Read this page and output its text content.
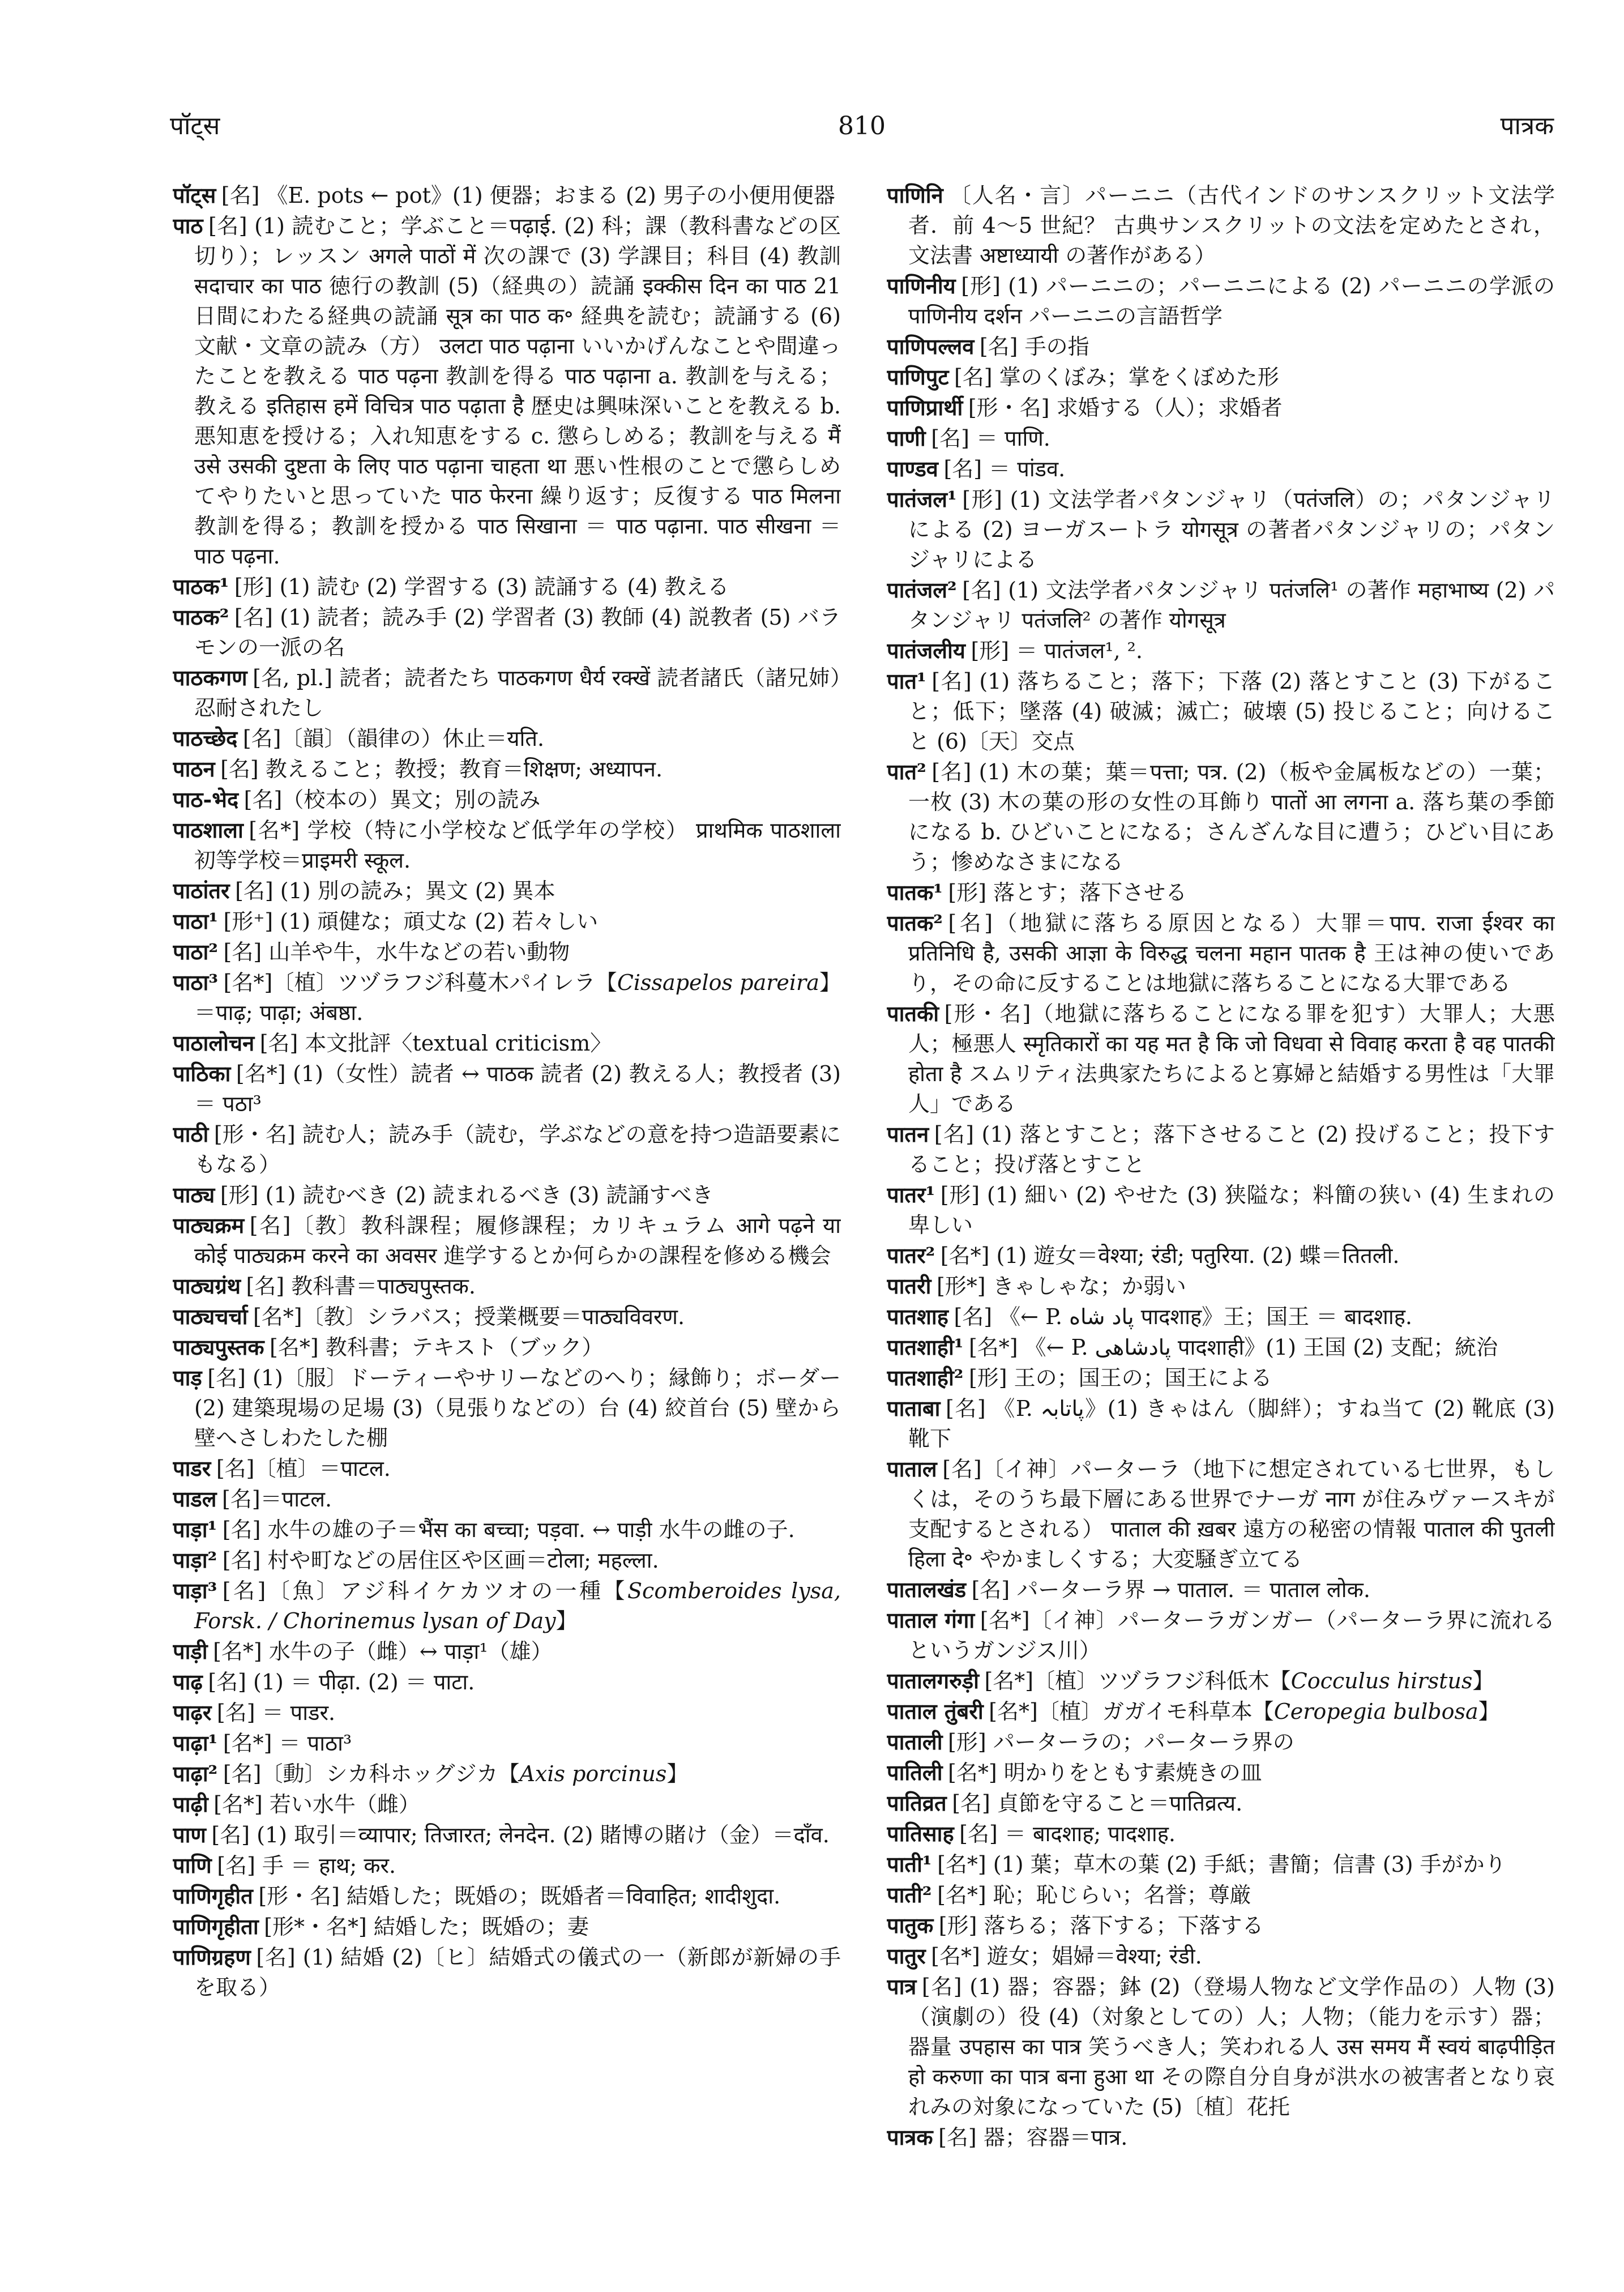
पॉट्स	810	पात्रक
पॉट्स [名] 《E. pots ← pot》(1) 便器；おまる (2) 男子の小便用便器
पाठ [名] (1) 読むこと；学ぶこと＝पढ़ाई. (2) 科；課（教科書などの区切り）；レッスン अगले पाठों में 次の課で (3) 学課目；科目 (4) 教訓 सदाचार का पाठ 徳行の教訓 (5)（経典の）読誦 इक्कीस दिन का पाठ 21 日間にわたる経典の読誦 सूत्र का पाठ क॰ 経典を読む；読誦する (6) 文献・文章の読み（方） उलटा पाठ पढ़ाना いいかげんなことや間違ったことを教える पाठ पढ़ना 教訓を得る पाठ पढ़ाना a. 教訓を与える；教える इतिहास हमें विचित्र पाठ पढ़ाता है 歴史は興味深いことを教える b. 悪知恵を授ける；入れ知恵をする c. 懲らしめる；教訓を与える मैं उसे उसकी दुष्टता के लिए पाठ पढ़ाना चाहता था 悪い性根のことで懲らしめてやりたいと思っていた पाठ फेरना 繰り返す；反復する पाठ मिलना 教訓を得る；教訓を授かる पाठ सिखाना ＝ पाठ पढ़ाना. पाठ सीखना ＝ पाठ पढ़ना.
पाठक¹ [形] (1) 読む (2) 学習する (3) 読誦する (4) 教える
पाठक² [名] (1) 読者；読み手 (2) 学習者 (3) 教師 (4) 説教者 (5) バラモンの一派の名
पाठकगण [名, pl.] 読者；読者たち पाठकगण धैर्य रक्खें 読者諸氏（諸兄姉）忍耐されたし
पाठच्छेद [名]〔韻〕（韻律の）休止＝यति.
पाठन [名] 教えること；教授；教育＝शिक्षण; अध्यापन.
पाठ-भेद [名]（校本の）異文；別の読み
पाठशाला [名*] 学校（特に小学校など低学年の学校） प्राथमिक पाठशाला 初等学校＝प्राइमरी स्कूल.
पाठांतर [名] (1) 別の読み；異文 (2) 異本
पाठा¹ [形⁺] (1) 頑健な；頑丈な (2) 若々しい
पाठा² [名] 山羊や牛，水牛などの若い動物
पाठा³ [名*]〔植〕ツヅラフジ科蔓木パイレラ【Cissapelos pareira】＝पाढ़; पाढ़ा; अंबष्ठा.
पाठालोचन [名] 本文批評〈textual criticism〉
पाठिका [名*] (1)（女性）読者 ↔ पाठक 読者 (2) 教える人；教授者 (3) ＝ पठा³
पाठी [形・名] 読む人；読み手（読む，学ぶなどの意を持つ造語要素にもなる）
पाठ्य [形] (1) 読むべき (2) 読まれるべき (3) 読誦すべき
पाठ्यक्रम [名]〔教〕教科課程；履修課程；カリキュラム आगे पढ़ने या कोई पाठ्यक्रम करने का अवसर 進学するとか何らかの課程を修める機会
पाठ्यग्रंथ [名] 教科書＝पाठ्यपुस्तक.
पाठ्यचर्चा [名*]〔教〕シラバス；授業概要＝पाठ्यविवरण.
पाठ्यपुस्तक [名*] 教科書；テキスト（ブック）
पाड़ [名] (1)〔服〕ドーティーやサリーなどのへり；縁飾り；ボーダー (2) 建築現場の足場 (3)（見張りなどの）台 (4) 絞首台 (5) 壁から壁へさしわたした棚
पाडर [名]〔植〕＝पाटल.
पाडल [名]＝पाटल.
पाड़ा¹ [名] 水牛の雄の子＝भैंस का बच्चा; पड़वा. ↔ पाड़ी 水牛の雌の子.
पाड़ा² [名] 村や町などの居住区や区画＝टोला; महल्ला.
पाड़ा³ [名]〔魚〕アジ科イケカツオの一種【Scomberoides lysa, Forsk. / Chorinemus lysan of Day】
पाड़ी [名*] 水牛の子（雌）↔ पाड़ा¹（雄）
पाढ़ [名] (1) ＝ पीढ़ा. (2) ＝ पाटा.
पाढ़र [名] ＝ पाडर.
पाढ़ा¹ [名*] ＝ पाठा³
पाढ़ा² [名]〔動〕シカ科ホッグジカ【Axis porcinus】
पाढ़ी [名*] 若い水牛（雌）
पाण [名] (1) 取引＝व्यापार; तिजारत; लेनदेन. (2) 賭博の賭け（金）＝दाँव.
पाणि [名] 手 ＝ हाथ; कर.
पाणिगृहीत [形・名] 結婚した；既婚の；既婚者＝विवाहित; शादीशुदा.
पाणिगृहीता [形*・名*] 結婚した；既婚の；妻
पाणिग्रहण [名] (1) 結婚 (2)〔ヒ〕結婚式の儀式の一（新郎が新婦の手を取る）
पाणिनि 〔人名・言〕パーニニ（古代インドのサンスクリット文法学者．前 4～5 世紀？ 古典サンスクリットの文法を定めたとされ，文法書 अष्टाध्यायी の著作がある）
पाणिनीय [形] (1) パーニニの；パーニニによる (2) パーニニの学派の पाणिनीय दर्शन パーニニの言語哲学
पाणिपल्लव [名] 手の指
पाणिपुट [名] 掌のくぼみ；掌をくぼめた形
पाणिप्रार्थी [形・名] 求婚する（人）；求婚者
पाणी [名] ＝ पाणि.
पाण्डव [名] ＝ पांडव.
पातंजल¹ [形] (1) 文法学者パタンジャリ（पतंजलि）の；パタンジャリによる (2) ヨーガスートラ योगसूत्र の著者パタンジャリの；パタンジャリによる
पातंजल² [名] (1) 文法学者パタンジャリ पतंजलि¹ の著作 महाभाष्य (2) パタンジャリ पतंजलि² の著作 योगसूत्र
पातंजलीय [形] ＝ पातंजल¹, ².
पात¹ [名] (1) 落ちること；落下；下落 (2) 落とすこと (3) 下がること；低下；墜落 (4) 破滅；滅亡；破壊 (5) 投じること；向けること (6)〔天〕交点
पात² [名] (1) 木の葉；葉＝पत्ता; पत्र. (2)（板や金属板などの）一葉；一枚 (3) 木の葉の形の女性の耳飾り पातों आ लगना a. 落ち葉の季節になる b. ひどいことになる；さんざんな目に遭う；ひどい目にあう；惨めなさまになる
पातक¹ [形] 落とす；落下させる
पातक² [名]（地獄に落ちる原因となる）大罪＝पाप. राजा ईश्वर का प्रतिनिधि है, उसकी आज्ञा के विरुद्ध चलना महान पातक है 王は神の使いであり，その命に反することは地獄に落ちることになる大罪である
पातकी [形・名]（地獄に落ちることになる罪を犯す）大罪人；大悪人；極悪人 स्मृतिकारों का यह मत है कि जो विधवा से विवाह करता है वह पातकी होता है スムリティ法典家たちによると寡婦と結婚する男性は「大罪人」である
पातन [名] (1) 落とすこと；落下させること (2) 投げること；投下すること；投げ落とすこと
पातर¹ [形] (1) 細い (2) やせた (3) 狭隘な；料簡の狭い (4) 生まれの卑しい
पातर² [名*] (1) 遊女＝वेश्या; रंडी; पतुरिया. (2) 蝶＝तितली.
पातरी [形*] きゃしゃな；か弱い
पातशाह [名] 《← P. پاد شاه पादशाह》王；国王 ＝ बादशाह.
पातशाही¹ [名*] 《← P. پادشاهی पादशाही》(1) 王国 (2) 支配；統治
पातशाही² [形] 王の；国王の；国王による
पाताबा [名] 《P. پاتابہ》(1) きゃはん（脚絆）；すね当て (2) 靴底 (3) 靴下
पाताल [名]〔イ神〕パーターラ（地下に想定されている七世界，もしくは，そのうち最下層にある世界でナーガ नाग が住みヴァースキが支配するとされる） पाताल की ख़बर 遠方の秘密の情報 पाताल की पुतली हिला दे॰ やかましくする；大変騒ぎ立てる
पातालखंड [名] パーターラ界 → पाताल. ＝ पाताल लोक.
पाताल गंगा [名*]〔イ神〕パーターラガンガー（パーターラ界に流れるというガンジス川）
पातालगरुड़ी [名*]〔植〕ツヅラフジ科低木【Cocculus hirstus】
पाताल तुंबरी [名*]〔植〕ガガイモ科草本【Ceropegia bulbosa】
पाताली [形] パーターラの；パーターラ界の
पातिली [名*] 明かりをともす素焼きの皿
पातिव्रत [名] 貞節を守ること＝पातिव्रत्य.
पातिसाह [名] ＝ बादशाह; पादशाह.
पाती¹ [名*] (1) 葉；草木の葉 (2) 手紙；書簡；信書 (3) 手がかり
पाती² [名*] 恥；恥じらい；名誉；尊厳
पातुक [形] 落ちる；落下する；下落する
पातुर [名*] 遊女；娼婦＝वेश्या; रंडी.
पात्र [名] (1) 器；容器；鉢 (2)（登場人物など文学作品の）人物 (3)（演劇の）役 (4)（対象としての）人；人物；（能力を示す）器；器量 उपहास का पात्र 笑うべき人；笑われる人 उस समय मैं स्वयं बाढ़पीड़ित हो करुणा का पात्र बना हुआ था その際自分自身が洪水の被害者となり哀れみの対象になっていた (5)〔植〕花托
पात्रक [名] 器；容器＝पात्र.
